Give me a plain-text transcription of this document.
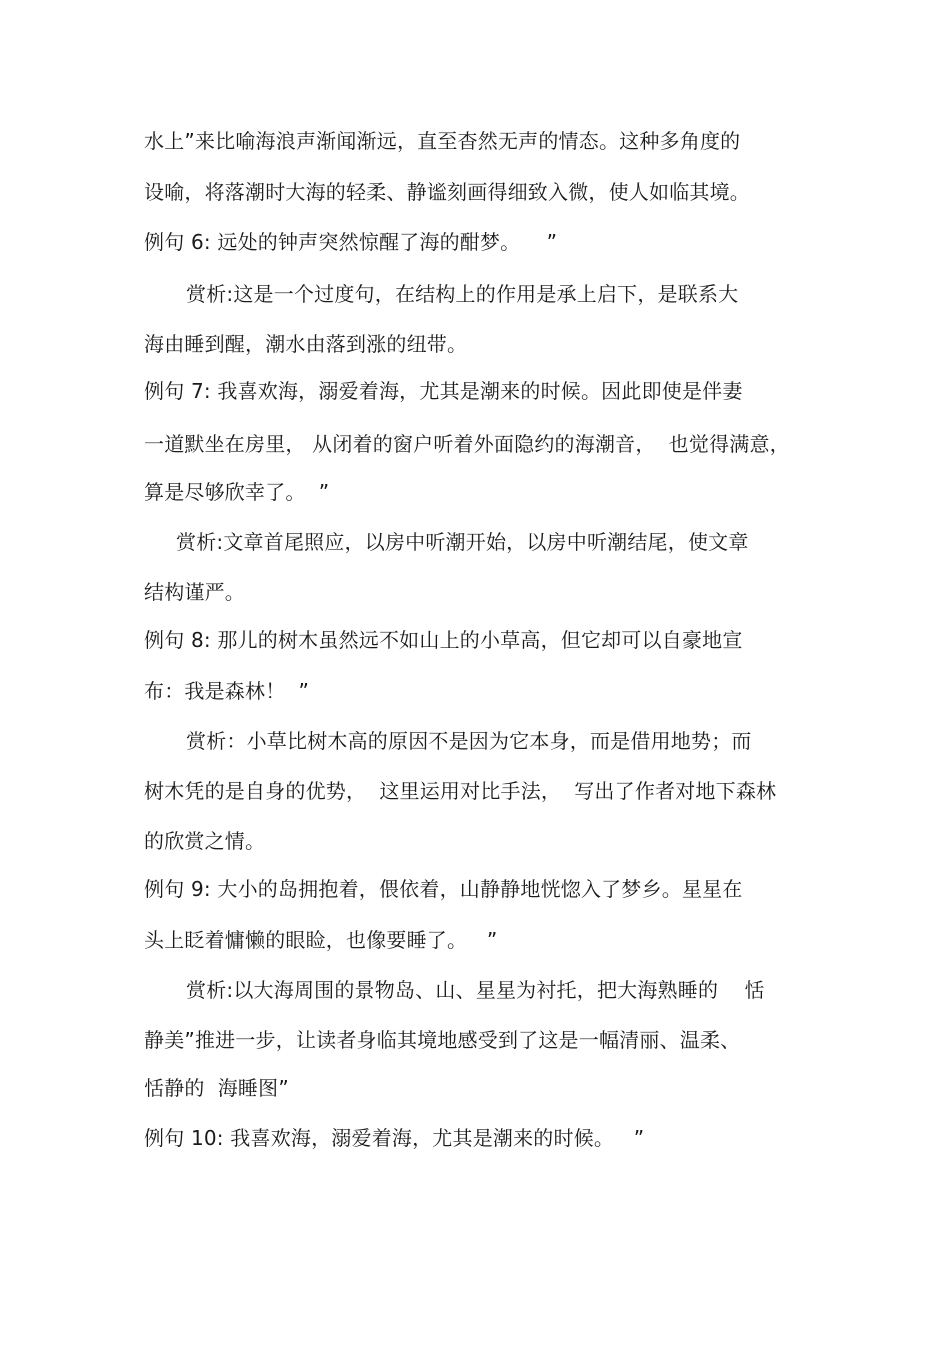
水上”来比喻海浪声渐闻渐远，直至杳然无声的情态。这种多角度的
设喻，将落潮时大海的轻柔、静谧刻画得细致入微，使人如临其境。
例句 6: 远处的钟声突然惊醒了海的酣梦。    ”
赏析:这是一个过度句，在结构上的作用是承上启下，是联系大
海由睡到醒，潮水由落到涨的纽带。
例句 7: 我喜欢海，溺爱着海，尤其是潮来的时候。因此即使是伴妻
一道默坐在房里， 从闭着的窗户听着外面隐约的海潮音，  也觉得满意，
算是尽够欣幸了。  ”
赏析:文章首尾照应，以房中听潮开始，以房中听潮结尾，使文章
结构谨严。
例句 8: 那儿的树木虽然远不如山上的小草高，但它却可以自豪地宣
布：我是森林！  ”
赏析：小草比树木高的原因不是因为它本身，而是借用地势；而
树木凭的是自身的优势，  这里运用对比手法，  写出了作者对地下森林
的欣赏之情。
例句 9: 大小的岛拥抱着，偎依着，山静静地恍惚入了梦乡。星星在
头上眨着慵懒的眼睑，也像要睡了。   ”
赏析:以大海周围的景物岛、山、星星为衬托，把大海熟睡的    恬
静美”推进一步，让读者身临其境地感受到了这是一幅清丽、温柔、
恬静的  海睡图”
例句 10: 我喜欢海，溺爱着海，尤其是潮来的时候。   ”
